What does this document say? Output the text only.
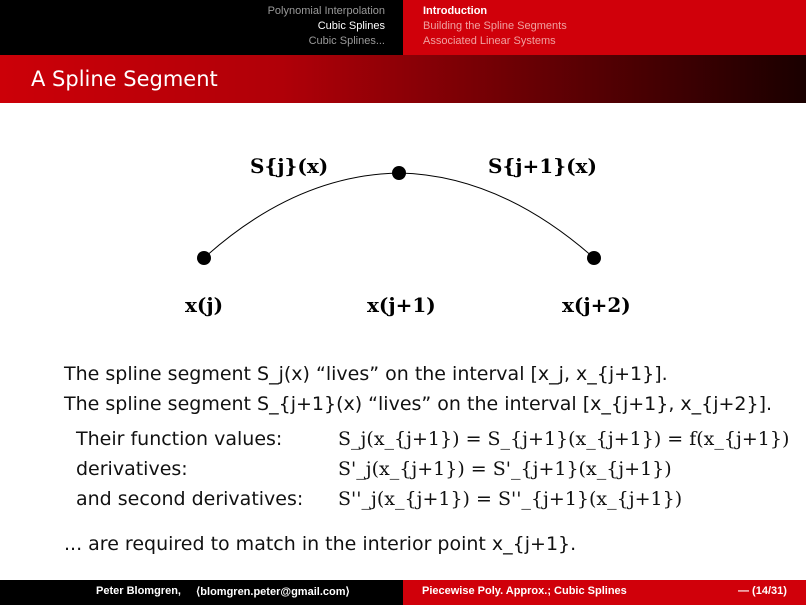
Polynomial Interpolation
Cubic Splines
Cubic Splines...
Introduction
Building the Spline Segments
Associated Linear Systems
A Spline Segment
S{j}(x)	S{j+1}(x)
x(j)	x(j+1)	x(j+2)
The spline segment S_j(x) “lives” on the interval [x_j, x_{j+1}].
The spline segment S_{j+1}(x) “lives” on the interval [x_{j+1}, x_{j+2}].
Their function values:	S_j(x_{j+1}) = S_{j+1}(x_{j+1}) = f(x_{j+1})
derivatives:	S'_j(x_{j+1}) = S'_{j+1}(x_{j+1})
and second derivatives: S''_j(x_{j+1}) = S''_{j+1}(x_{j+1})
... are required to match in the interior point x_{j+1}.
Peter Blomgren, ⟨blomgren.peter@gmail.com⟩	Piecewise Poly. Approx.; Cubic Splines	— (14/31)
